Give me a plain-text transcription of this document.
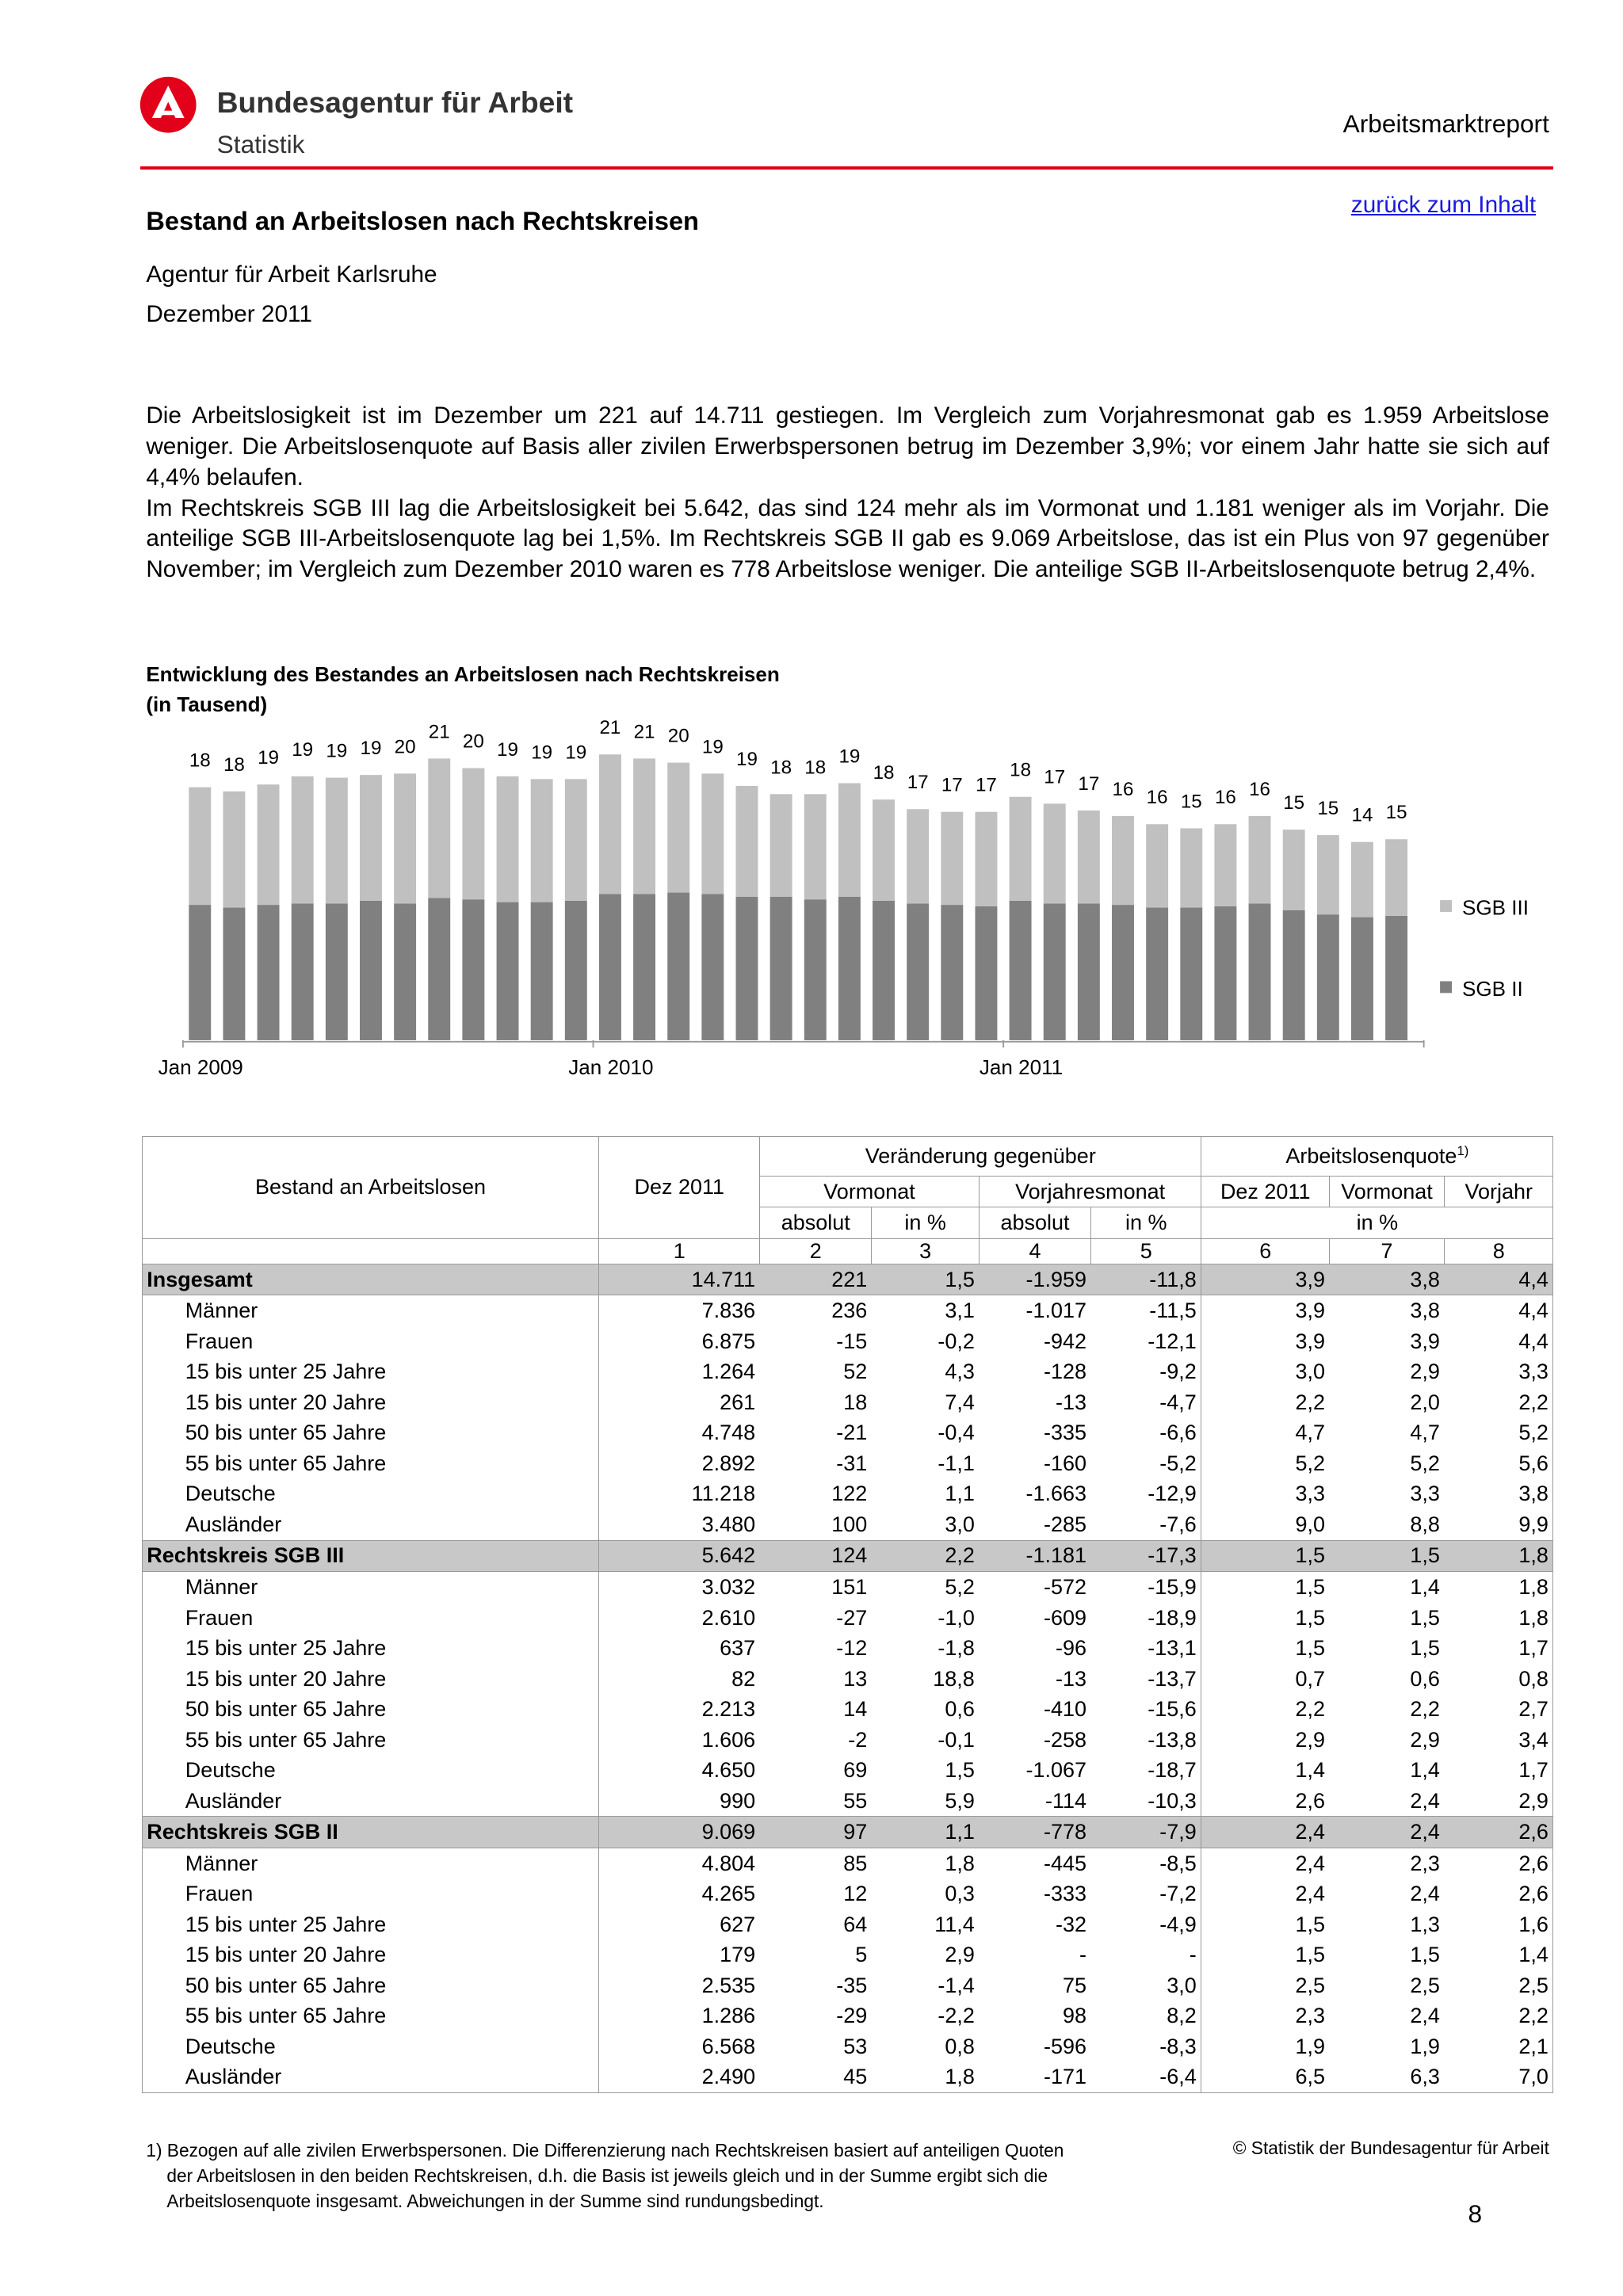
Bundesagentur für Arbeit
Statistik
Arbeitsmarktreport
zurück zum Inhalt
Bestand an Arbeitslosen nach Rechtskreisen
Agentur für Arbeit Karlsruhe
Dezember 2011

Die Arbeitslosigkeit ist im Dezember um 221 auf 14.711 gestiegen. Im Vergleich zum Vorjahresmonat gab es 1.959 Arbeitslose weniger. Die Arbeitslosenquote auf Basis aller zivilen Erwerbspersonen betrug im Dezember 3,9%; vor einem Jahr hatte sie sich auf 4,4% belaufen.

Im Rechtskreis SGB III lag die Arbeitslosigkeit bei 5.642, das sind 124 mehr als im Vormonat und 1.181 weniger als im Vorjahr. Die anteilige SGB III-Arbeitslosenquote lag bei 1,5%. Im Rechtskreis SGB II gab es 9.069 Arbeitslose, das ist ein Plus von 97 gegenüber November; im Vergleich zum Dezember 2010 waren es 778 Arbeitslose weniger. Die anteilige SGB II-Arbeitslosenquote betrug 2,4%.

Entwicklung des Bestandes an Arbeitslosen nach Rechtskreisen
(in Tausend)
18 18 19 19 19 19 20
21 20 19 19 19
21 21 20
19
19 18 18
19
18 17 17 17
18 17 17 16 16 15 16 16
15 15 14 15
Jan 2009	Jan 2010	Jan 2011
SGB III
SGB II
Bestand an Arbeitslosen	Dez 2011	Veränderung gegenüber				Arbeitslosenquote$^{1)}$
		Vormonat		Vorjahresmonat		Dez 2011	Vormonat	Vorjahr
		absolut	in %	absolut	in %	in %		
	1	2	3	4	5	6	7	8
Insgesamt	14.711	221	1,5	-1.959	-11,8	3,9	3,8	4,4
Männer	7.836	236	3,1	-1.017	-11,5	3,9	3,8	4,4
Frauen	6.875	-15	-0,2	-942	-12,1	3,9	3,9	4,4
15 bis unter 25 Jahre	1.264	52	4,3	-128	-9,2	3,0	2,9	3,3
15 bis unter 20 Jahre	261	18	7,4	-13	-4,7	2,2	2,0	2,2
50 bis unter 65 Jahre	4.748	-21	-0,4	-335	-6,6	4,7	4,7	5,2
55 bis unter 65 Jahre	2.892	-31	-1,1	-160	-5,2	5,2	5,2	5,6
Deutsche	11.218	122	1,1	-1.663	-12,9	3,3	3,3	3,8
Ausländer	3.480	100	3,0	-285	-7,6	9,0	8,8	9,9
Rechtskreis SGB III	5.642	124	2,2	-1.181	-17,3	1,5	1,5	1,8
Männer	3.032	151	5,2	-572	-15,9	1,5	1,4	1,8
Frauen	2.610	-27	-1,0	-609	-18,9	1,5	1,5	1,8
15 bis unter 25 Jahre	637	-12	-1,8	-96	-13,1	1,5	1,5	1,7
15 bis unter 20 Jahre	82	13	18,8	-13	-13,7	0,7	0,6	0,8
50 bis unter 65 Jahre	2.213	14	0,6	-410	-15,6	2,2	2,2	2,7
55 bis unter 65 Jahre	1.606	-2	-0,1	-258	-13,8	2,9	2,9	3,4
Deutsche	4.650	69	1,5	-1.067	-18,7	1,4	1,4	1,7
Ausländer	990	55	5,9	-114	-10,3	2,6	2,4	2,9
Rechtskreis SGB II	9.069	97	1,1	-778	-7,9	2,4	2,4	2,6
Männer	4.804	85	1,8	-445	-8,5	2,4	2,3	2,6
Frauen	4.265	12	0,3	-333	-7,2	2,4	2,4	2,6
15 bis unter 25 Jahre	627	64	11,4	-32	-4,9	1,5	1,3	1,6
15 bis unter 20 Jahre	179	5	2,9	-	-	1,5	1,5	1,4
50 bis unter 65 Jahre	2.535	-35	-1,4	75	3,0	2,5	2,5	2,5
55 bis unter 65 Jahre	1.286	-29	-2,2	98	8,2	2,3	2,4	2,2
Deutsche	6.568	53	0,8	-596	-8,3	1,9	1,9	2,1
Ausländer	2.490	45	1,8	-171	-6,4	6,5	6,3	7,0
1) Bezogen auf alle zivilen Erwerbspersonen. Die Differenzierung nach Rechtskreisen basiert auf anteiligen Quoten
der Arbeitslosen in den beiden Rechtskreisen, d.h. die Basis ist jeweils gleich und in der Summe ergibt sich die
Arbeitslosenquote insgesamt. Abweichungen in der Summe sind rundungsbedingt.
© Statistik der Bundesagentur für Arbeit
8
